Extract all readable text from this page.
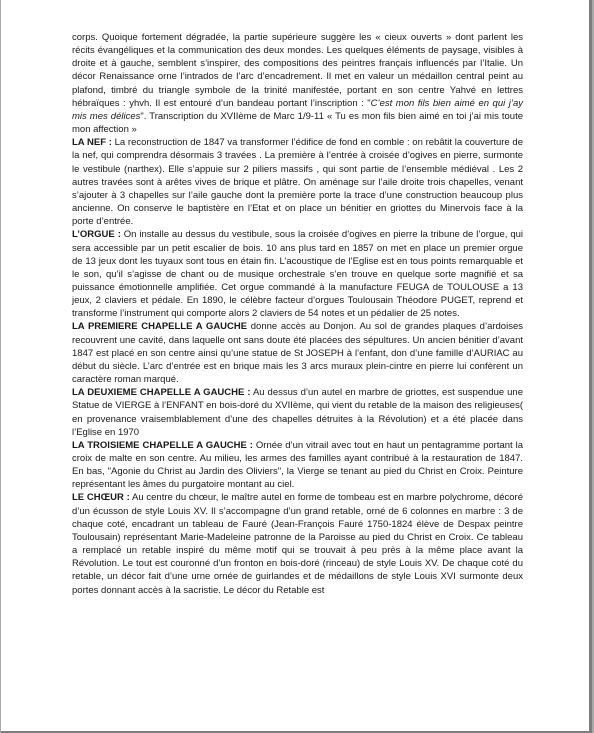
corps. Quoique fortement dégradée, la partie supérieure suggère les « cieux ouverts » dont parlent les récits évangéliques et la communication des deux mondes. Les quelques éléments de paysage, visibles à droite et à gauche, semblent s’inspirer, des compositions des peintres français influencés par l’Italie. Un décor Renaissance orne l’intrados de l’arc d’encadrement. Il met en valeur un médaillon central peint au plafond, timbré du triangle symbole de la trinité manifestée, portant en son centre Yahvé en lettres hébraïques : yhvh. Il est entouré d’un bandeau portant l’inscription : "C’est mon fils bien aimé en qui j’ay mis mes délices". Transcription du XVIIème de Marc 1/9-11 « Tu es mon fils bien aimé en toi j’ai mis toute mon affection »

LA NEF : La reconstruction de 1847 va transformer l’édifice de fond en comble : on rebâtit la couverture de la nef, qui comprendra désormais 3 travées . La première à l’entrée à croisée d’ogives en pierre, surmonte le vestibule (narthex). Elle s’appuie sur 2 piliers massifs , qui sont partie de l’ensemble médiéval . Les 2 autres travées sont à arêtes vives de brique et plâtre. On aménage sur l’aile droite trois chapelles, venant s’ajouter à 3 chapelles sur l’aile gauche dont la première porte la trace d’une construction beaucoup plus ancienne. On conserve le baptistère en l’Etat et on place un bénitier en griottes du Minervois face à la porte d’entrée.

L’ORGUE : On installe au dessus du vestibule, sous la croisée d’ogives en pierre la tribune de l’orgue, qui sera accessible par un petit escalier de bois. 10 ans plus tard en 1857 on met en place un premier orgue de 13 jeux dont les tuyaux sont tous en étain fin. L’acoustique de l’Eglise est en tous points remarquable et le son, qu’il s’agisse de chant ou de musique orchestrale s’en trouve en quelque sorte magnifié et sa puissance émotionnelle amplifiée. Cet orgue commandé à la manufacture FEUGA de TOULOUSE a 13 jeux, 2 claviers et pédale. En 1890, le célèbre facteur d’orgues Toulousain Théodore PUGET, reprend et transforme l’instrument qui comporte alors 2 claviers de 54 notes et un pédalier de 25 notes.

LA PREMIERE CHAPELLE A GAUCHE donne accès au Donjon. Au sol de grandes plaques d’ardoises recouvrent une cavité, dans laquelle ont sans doute été placées des sépultures. Un ancien bénitier d’avant 1847 est placé en son centre ainsi qu’une statue de St JOSEPH à l’enfant, don d’une famille d’AURIAC au début du siècle. L’arc d’entrée est en brique mais les 3 arcs muraux plein-cintre en pierre lui confèrent un caractère roman marqué.

LA DEUXIEME CHAPELLE A GAUCHE : Au dessus d’un autel en marbre de griottes, est suspendue une Statue de VIERGE à l’ENFANT en bois-doré du XVIIème, qui vient du retable de la maison des religieuses( en provenance vraisemblablement d’une des chapelles détruites à la Révolution) et a été placée dans l’Eglise en 1970

LA TROISIEME CHAPELLE A GAUCHE : Ornée d’un vitrail avec tout en haut un pentagramme portant la croix de malte en son centre. Au milieu, les armes des familles ayant contribué à la restauration de 1847. En bas, "Agonie du Christ au Jardin des Oliviers", la Vierge se tenant au pied du Christ en Croix. Peinture représentant les âmes du purgatoire montant au ciel.

LE CHŒUR : Au centre du chœur, le maître autel en forme de tombeau est en marbre polychrome, décoré d’un écusson de style Louis XV. Il s’accompagne d’un grand retable, orné de 6 colonnes en marbre : 3 de chaque coté, encadrant un tableau de Fauré (Jean-François Fauré 1750-1824 élève de Despax peintre Toulousain) représentant Marie-Madeleine patronne de la Paroisse au pied du Christ en Croix. Ce tableau a remplacé un retable inspiré du même motif qui se trouvait à peu près à la même place avant la Révolution. Le tout est couronné d’un fronton en bois-doré (rinceau) de style Louis XV. De chaque coté du retable, un décor fait d’une urne ornée de guirlandes et de médaillons de style Louis XVI surmonte deux portes donnant accès à la sacristie. Le décor du Retable est
